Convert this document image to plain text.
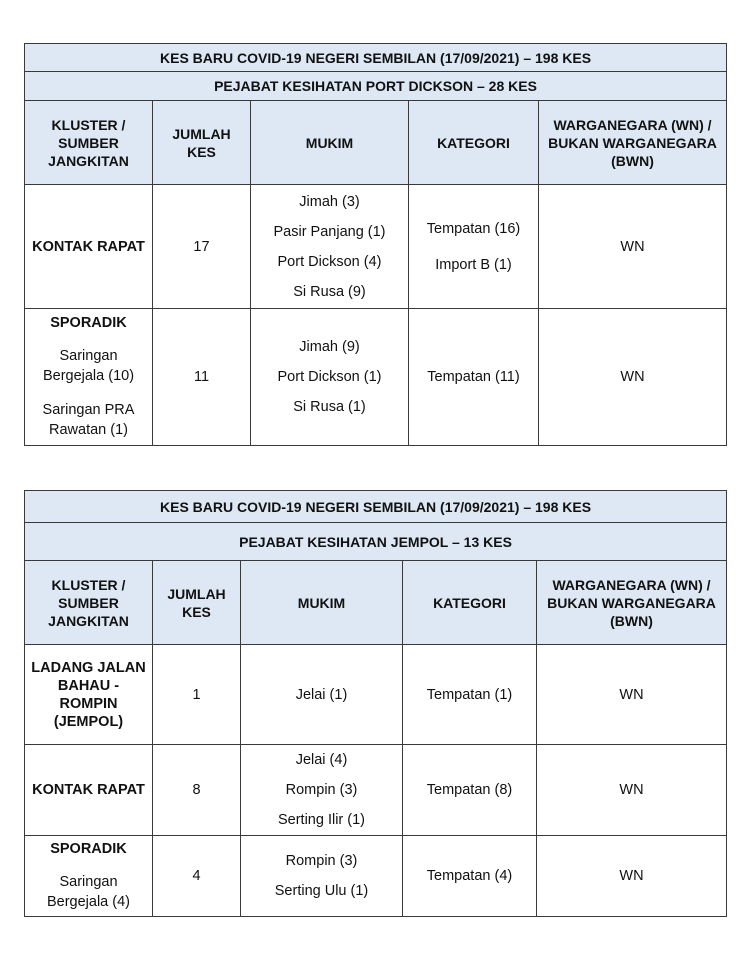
KES BARU COVID-19 NEGERI SEMBILAN (17/09/2021) – 198 KES				
PEJABAT KESIHATAN PORT DICKSON – 28 KES				
KLUSTER / SUMBER JANGKITAN	JUMLAH KES	MUKIM	KATEGORI	WARGANEGARA (WN) / BUKAN WARGANEGARA (BWN)
KONTAK RAPAT	17	Jimah (3)
Pasir Panjang (1)
Port Dickson (4)
Si Rusa (9)	Tempatan (16)
Import B (1)	WN
SPORADIK
Saringan Bergejala (10)
Saringan PRA Rawatan (1)	11	Jimah (9)
Port Dickson (1)
Si Rusa (1)	Tempatan (11)	WN
KES BARU COVID-19 NEGERI SEMBILAN (17/09/2021) – 198 KES				
PEJABAT KESIHATAN JEMPOL – 13 KES				
KLUSTER / SUMBER JANGKITAN	JUMLAH KES	MUKIM	KATEGORI	WARGANEGARA (WN) / BUKAN WARGANEGARA (BWN)
LADANG JALAN BAHAU - ROMPIN (JEMPOL)	1	Jelai (1)	Tempatan (1)	WN
KONTAK RAPAT	8	Jelai (4)
Rompin (3)
Serting Ilir (1)	Tempatan (8)	WN
SPORADIK
Saringan Bergejala (4)	4	Rompin (3)
Serting Ulu (1)	Tempatan (4)	WN
